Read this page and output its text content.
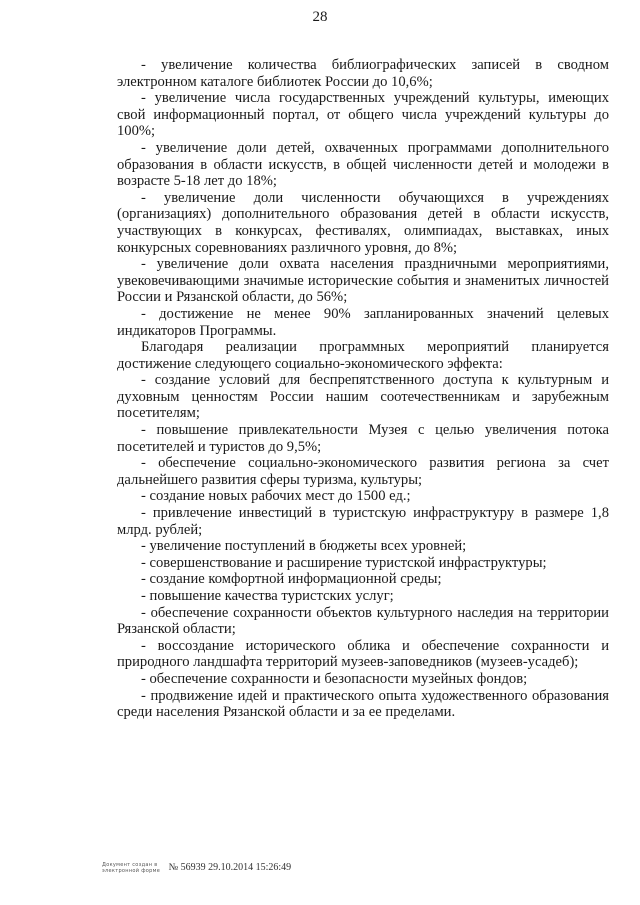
28

- увеличение количества библиографических записей в сводном электронном каталоге библиотек России до 10,6%;

- увеличение числа государственных учреждений культуры, имеющих свой информационный портал, от общего числа учреждений культуры до 100%;

- увеличение доли детей, охваченных программами дополнительного образования в области искусств, в общей численности детей и молодежи в возрасте 5-18 лет до 18%;

- увеличение доли численности обучающихся в учреждениях (организациях) дополнительного образования детей в области искусств, участвующих в конкурсах, фестивалях, олимпиадах, выставках, иных конкурсных соревнованиях различного уровня, до 8%;

- увеличение доли охвата населения праздничными мероприятиями, увековечивающими значимые исторические события и знаменитых личностей России и Рязанской области, до 56%;

- достижение не менее 90% запланированных значений целевых индикаторов Программы.

Благодаря реализации программных мероприятий планируется достижение следующего социально-экономического эффекта:

- создание условий для беспрепятственного доступа к культурным и духовным ценностям России нашим соотечественникам и зарубежным посетителям;

- повышение привлекательности Музея с целью увеличения потока посетителей и туристов до 9,5%;

- обеспечение социально-экономического развития региона за счет дальнейшего развития сферы туризма, культуры;

- создание новых рабочих мест до 1500 ед.;

- привлечение инвестиций в туристскую инфраструктуру в размере 1,8 млрд. рублей;

- увеличение поступлений в бюджеты всех уровней;

- совершенствование и расширение туристской инфраструктуры;

- создание комфортной информационной среды;

- повышение качества туристских услуг;

- обеспечение сохранности объектов культурного наследия на территории Рязанской области;

- воссоздание исторического облика и обеспечение сохранности и природного ландшафта территорий музеев-заповедников (музеев-усадеб);

- обеспечение сохранности и безопасности музейных фондов;

- продвижение идей и практического опыта художественного образования среди населения Рязанской области и за ее пределами.

Документ создан в
электронной форме № 56939 29.10.2014 15:26:49
